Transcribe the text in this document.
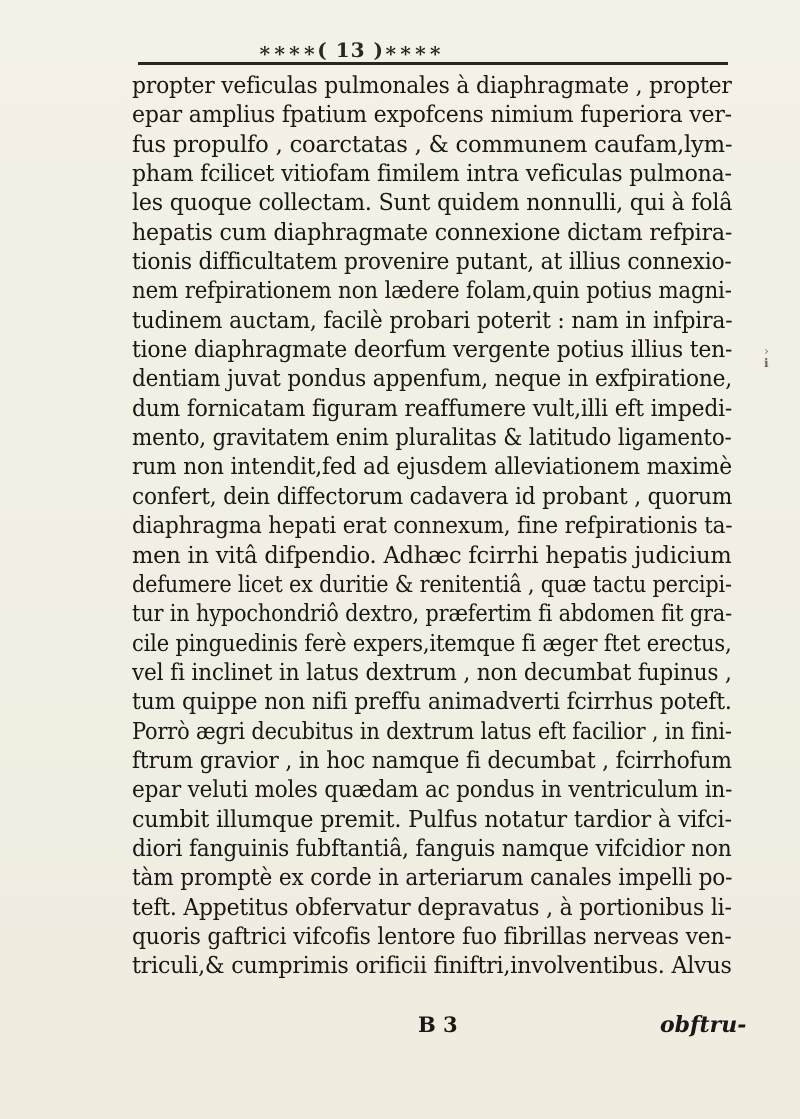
∗∗∗∗( 13 )∗∗∗∗
propter veficulas pulmonales à diaphragmate , propter
epar amplius fpatium expofcens nimium fuperiora ver-
fus propulfo , coarctatas , & communem caufam,lym-
pham fcilicet vitiofam fimilem intra veficulas pulmona-
les quoque collectam. Sunt quidem nonnulli, qui à folâ
hepatis cum diaphragmate connexione dictam refpira-
tionis difficultatem provenire putant, at illius connexio-
nem refpirationem non lædere folam,quin potius magni-
tudinem auctam, facilè probari poterit : nam in infpira-
tione diaphragmate deorfum vergente potius illius ten-
dentiam juvat pondus appenfum, neque in exfpiratione,
dum fornicatam figuram reaffumere vult,illi eft impedi-
mento, gravitatem enim pluralitas & latitudo ligamento-
rum non intendit,fed ad ejusdem alleviationem maximè
confert, dein diffectorum cadavera id probant , quorum
diaphragma hepati erat connexum, fine refpirationis ta-
men in vitâ difpendio. Adhæc fcirrhi hepatis judicium
defumere licet ex duritie & renitentiâ , quæ tactu percipi-
tur in hypochondriô dextro, præfertim fi abdomen fit gra-
cile pinguedinis ferè expers,itemque fi æger ftet erectus,
vel fi inclinet in latus dextrum , non decumbat fupinus ,
tum quippe non nifi preffu animadverti fcirrhus poteft.
Porrò ægri decubitus in dextrum latus eft facilior , in fini-
ftrum gravior , in hoc namque fi decumbat , fcirrhofum
epar veluti moles quædam ac pondus in ventriculum in-
cumbit illumque premit. Pulfus notatur tardior à vifci-
diori fanguinis fubftantiâ, fanguis namque vifcidior non
tàm promptè ex corde in arteriarum canales impelli po-
teft. Appetitus obfervatur depravatus , à portionibus li-
quoris gaftrici vifcofis lentore fuo fibrillas nerveas ven-
triculi,& cumprimis orificii finiftri,involventibus. Alvus
B 3	obftru-
›
ℹ
